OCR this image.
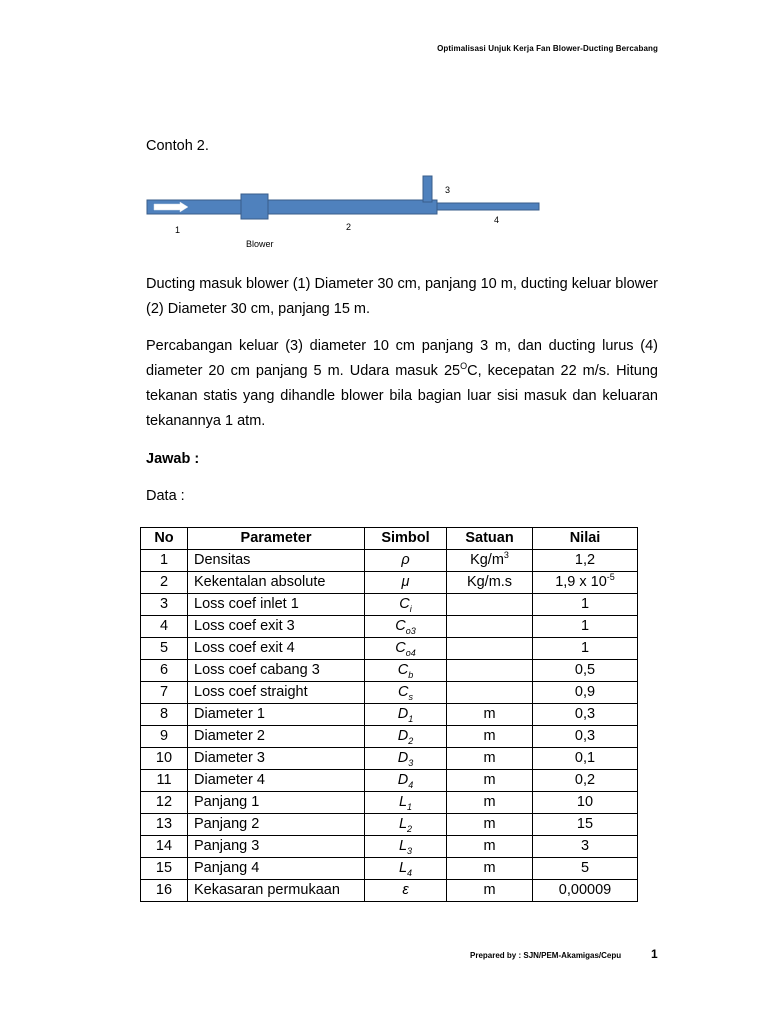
Optimalisasi Unjuk Kerja Fan Blower-Ducting Bercabang
Contoh 2.
1	2
3
4
Blower
Ducting masuk blower (1) Diameter 30 cm, panjang 10 m, ducting keluar blower (2) Diameter 30 cm, panjang 15 m.
Percabangan keluar (3) diameter 10 cm panjang 3 m, dan ducting lurus (4) diameter 20 cm panjang 5 m. Udara masuk $25^OC$, kecepatan 22 m/s. Hitung tekanan statis yang dihandle blower bila bagian luar sisi masuk dan keluaran tekanannya 1 atm.
Jawab :
Data :
No	Parameter	Simbol	Satuan	Nilai
1	Densitas	ρ	$Kg/m^3$	1,2
2	Kekentalan absolute	μ	Kg/m.s	1,9 x $10^{-5}$
3	Loss coef inlet 1	$C_i$		1
4	Loss coef exit 3	$C_{o3}$		1
5	Loss coef exit 4	$C_{o4}$		1
6	Loss coef cabang 3	$C_b$		0,5
7	Loss coef straight	$C_s$		0,9
8	Diameter 1	$D_1$	m	0,3
9	Diameter 2	$D_2$	m	0,3
10	Diameter 3	$D_3$	m	0,1
11	Diameter 4	$D_4$	m	0,2
12	Panjang 1	$L_1$	m	10
13	Panjang 2	$L_2$	m	15
14	Panjang 3	$L_3$	m	3
15	Panjang 4	$L_4$	m	5
16	Kekasaran permukaan	ε	m	0,00009
Prepared by : SJN/PEM-Akamigas/Cepu 1
